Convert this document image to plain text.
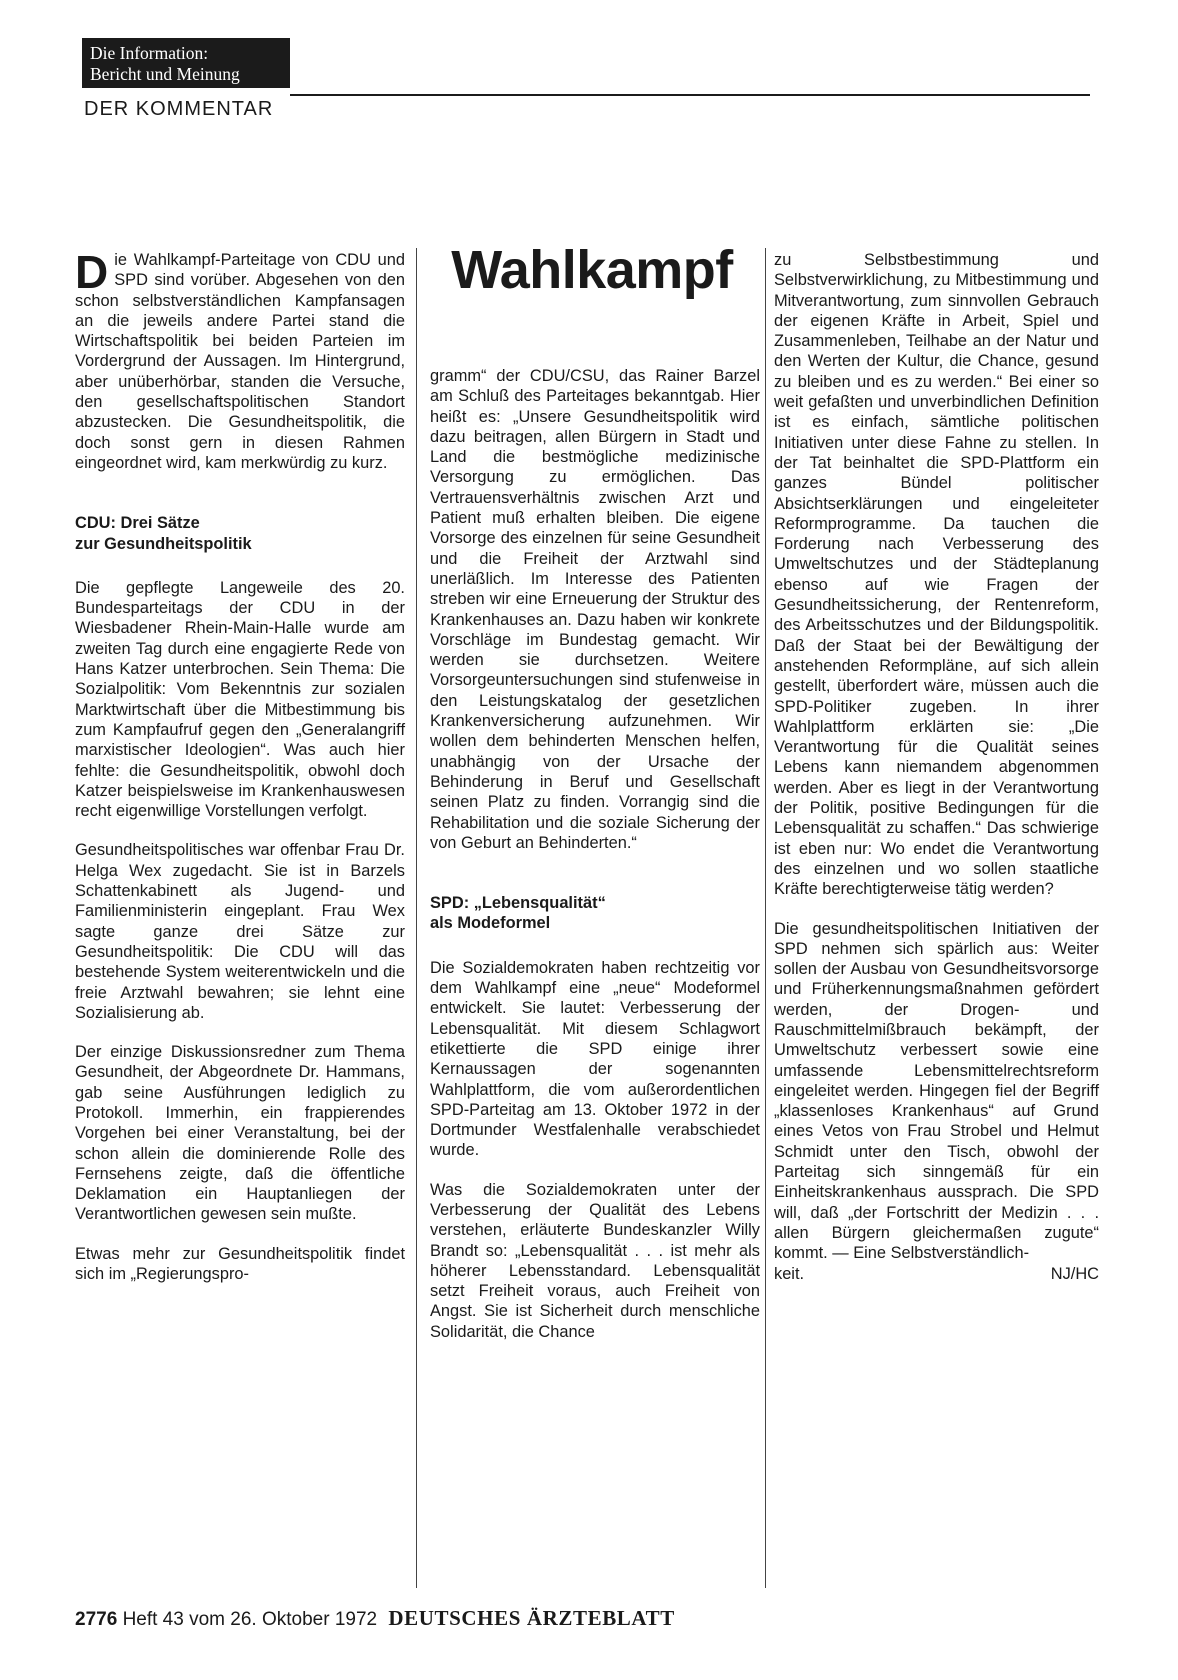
Die Information:
Bericht und Meinung
DER KOMMENTAR
Wahlkampf

Die Wahlkampf-Parteitage von CDU und SPD sind vorüber. Abgesehen von den schon selbstverständlichen Kampfansagen an die jeweils andere Partei stand die Wirtschaftspolitik bei beiden Parteien im Vordergrund der Aussagen. Im Hintergrund, aber unüberhörbar, standen die Versuche, den gesellschaftspolitischen Standort abzustecken. Die Gesundheitspolitik, die doch sonst gern in diesen Rahmen eingeordnet wird, kam merkwürdig zu kurz.

CDU: Drei Sätze
zur Gesundheitspolitik

Die gepflegte Langeweile des 20. Bundesparteitags der CDU in der Wiesbadener Rhein-Main-Halle wurde am zweiten Tag durch eine engagierte Rede von Hans Katzer unterbrochen. Sein Thema: Die Sozialpolitik: Vom Bekenntnis zur sozialen Marktwirtschaft über die Mitbestimmung bis zum Kampfaufruf gegen den „Generalangriff marxistischer Ideologien“. Was auch hier fehlte: die Gesundheitspolitik, obwohl doch Katzer beispielsweise im Krankenhauswesen recht eigenwillige Vorstellungen verfolgt.

Gesundheitspolitisches war offenbar Frau Dr. Helga Wex zugedacht. Sie ist in Barzels Schattenkabinett als Jugend- und Familienministerin eingeplant. Frau Wex sagte ganze drei Sätze zur Gesundheitspolitik: Die CDU will das bestehende System weiterentwickeln und die freie Arztwahl bewahren; sie lehnt eine Sozialisierung ab.

Der einzige Diskussionsredner zum Thema Gesundheit, der Abgeordnete Dr. Hammans, gab seine Ausführungen lediglich zu Protokoll. Immerhin, ein frappierendes Vorgehen bei einer Veranstaltung, bei der schon allein die dominierende Rolle des Fernsehens zeigte, daß die öffentliche Deklamation ein Hauptanliegen der Verantwortlichen gewesen sein mußte.

Etwas mehr zur Gesundheitspolitik findet sich im „Regierungspro-

gramm“ der CDU/CSU, das Rainer Barzel am Schluß des Parteitages bekanntgab. Hier heißt es: „Unsere Gesundheitspolitik wird dazu beitragen, allen Bürgern in Stadt und Land die bestmögliche medizinische Versorgung zu ermöglichen. Das Vertrauensverhältnis zwischen Arzt und Patient muß erhalten bleiben. Die eigene Vorsorge des einzelnen für seine Gesundheit und die Freiheit der Arztwahl sind unerläßlich. Im Interesse des Patienten streben wir eine Erneuerung der Struktur des Krankenhauses an. Dazu haben wir konkrete Vorschläge im Bundestag gemacht. Wir werden sie durchsetzen. Weitere Vorsorgeuntersuchungen sind stufenweise in den Leistungskatalog der gesetzlichen Krankenversicherung aufzunehmen. Wir wollen dem behinderten Menschen helfen, unabhängig von der Ursache der Behinderung in Beruf und Gesellschaft seinen Platz zu finden. Vorrangig sind die Rehabilitation und die soziale Sicherung der von Geburt an Behinderten.“

SPD: „Lebensqualität“
als Modeformel

Die Sozialdemokraten haben rechtzeitig vor dem Wahlkampf eine „neue“ Modeformel entwickelt. Sie lautet: Verbesserung der Lebensqualität. Mit diesem Schlagwort etikettierte die SPD einige ihrer Kernaussagen der sogenannten Wahlplattform, die vom außerordentlichen SPD-Parteitag am 13. Oktober 1972 in der Dortmunder Westfalenhalle verabschiedet wurde.

Was die Sozialdemokraten unter der Verbesserung der Qualität des Lebens verstehen, erläuterte Bundeskanzler Willy Brandt so: „Lebensqualität . . . ist mehr als höherer Lebensstandard. Lebensqualität setzt Freiheit voraus, auch Freiheit von Angst. Sie ist Sicherheit durch menschliche Solidarität, die Chance

zu Selbstbestimmung und Selbstverwirklichung, zu Mitbestimmung und Mitverantwortung, zum sinnvollen Gebrauch der eigenen Kräfte in Arbeit, Spiel und Zusammenleben, Teilhabe an der Natur und den Werten der Kultur, die Chance, gesund zu bleiben und es zu werden.“ Bei einer so weit gefaßten und unverbindlichen Definition ist es einfach, sämtliche politischen Initiativen unter diese Fahne zu stellen. In der Tat beinhaltet die SPD-Plattform ein ganzes Bündel politischer Absichtserklärungen und eingeleiteter Reformprogramme. Da tauchen die Forderung nach Verbesserung des Umweltschutzes und der Städteplanung ebenso auf wie Fragen der Gesundheitssicherung, der Rentenreform, des Arbeitsschutzes und der Bildungspolitik. Daß der Staat bei der Bewältigung der anstehenden Reformpläne, auf sich allein gestellt, überfordert wäre, müssen auch die SPD-Politiker zugeben. In ihrer Wahlplattform erklärten sie: „Die Verantwortung für die Qualität seines Lebens kann niemandem abgenommen werden. Aber es liegt in der Verantwortung der Politik, positive Bedingungen für die Lebensqualität zu schaffen.“ Das schwierige ist eben nur: Wo endet die Verantwortung des einzelnen und wo sollen staatliche Kräfte berechtigterweise tätig werden?

Die gesundheitspolitischen Initiativen der SPD nehmen sich spärlich aus: Weiter sollen der Ausbau von Gesundheitsvorsorge und Früherkennungsmaßnahmen gefördert werden, der Drogen- und Rauschmittelmißbrauch bekämpft, der Umweltschutz verbessert sowie eine umfassende Lebensmittelrechtsreform eingeleitet werden. Hingegen fiel der Begriff „klassenloses Krankenhaus“ auf Grund eines Vetos von Frau Strobel und Helmut Schmidt unter den Tisch, obwohl der Parteitag sich sinngemäß für ein Einheitskrankenhaus aussprach. Die SPD will, daß „der Fortschritt der Medizin . . . allen Bürgern gleichermaßen zugute“ kommt. — Eine Selbstverständlich-

keit.	NJ/HC
2776 Heft 43 vom 26. Oktober 1972 DEUTSCHES ÄRZTEBLATT
